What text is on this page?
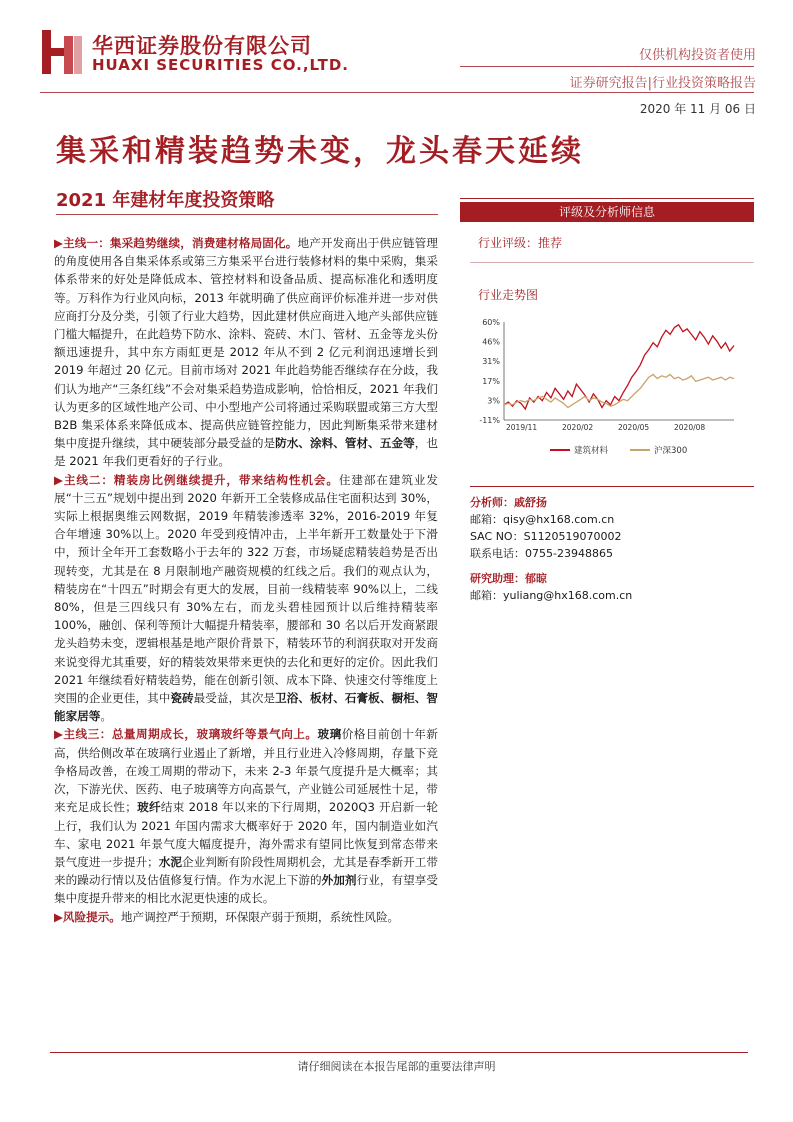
华西证券股份有限公司
HUAXI SECURITIES CO.,LTD.
仅供机构投资者使用
证券研究报告|行业投资策略报告
2020 年 11 月 06 日
集采和精装趋势未变，龙头春天延续
2021 年建材年度投资策略

▶主线一：集采趋势继续，消费建材格局固化。地产开发商出于供应链管理的角度使用各自集采体系或第三方集采平台进行装修材料的集中采购，集采体系带来的好处是降低成本、管控材料和设备品质、提高标准化和透明度等。万科作为行业风向标，2013 年就明确了供应商评价标准并进一步对供应商打分及分类，引领了行业大趋势，因此建材供应商进入地产头部供应链门槛大幅提升，在此趋势下防水、涂料、瓷砖、木门、管材、五金等龙头份额迅速提升，其中东方雨虹更是 2012 年从不到 2 亿元利润迅速增长到 2019 年超过 20 亿元。目前市场对 2021 年此趋势能否继续存在分歧，我们认为地产“三条红线”不会对集采趋势造成影响，恰恰相反，2021 年我们认为更多的区域性地产公司、中小型地产公司将通过采购联盟或第三方大型 B2B 集采体系来降低成本、提高供应链管控能力，因此判断集采带来建材集中度提升继续，其中硬装部分最受益的是防水、涂料、管材、五金等，也是 2021 年我们更看好的子行业。

▶主线二：精装房比例继续提升，带来结构性机会。住建部在建筑业发展“十三五”规划中提出到 2020 年新开工全装修成品住宅面积达到 30%，实际上根据奥维云网数据，2019 年精装渗透率 32%，2016-2019 年复合年增速 30%以上。2020 年受到疫情冲击，上半年新开工数量处于下滑中，预计全年开工套数略小于去年的 322 万套，市场疑虑精装趋势是否出现转变，尤其是在 8 月限制地产融资规模的红线之后。我们的观点认为，精装房在“十四五”时期会有更大的发展，目前一线精装率 90%以上，二线 80%，但是三四线只有 30%左右，而龙头碧桂园预计以后维持精装率 100%，融创、保利等预计大幅提升精装率，腰部和 30 名以后开发商紧跟龙头趋势未变，逻辑根基是地产限价背景下，精装环节的利润获取对开发商来说变得尤其重要，好的精装效果带来更快的去化和更好的定价。因此我们 2021 年继续看好精装趋势，能在创新引领、成本下降、快速交付等维度上突围的企业更佳，其中瓷砖最受益，其次是卫浴、板材、石膏板、橱柜、智能家居等。

▶主线三：总量周期成长，玻璃玻纤等景气向上。玻璃价格目前创十年新高，供给侧改革在玻璃行业遏止了新增，并且行业进入冷修周期，存量下竞争格局改善，在竣工周期的带动下，未来 2-3 年景气度提升是大概率；其次，下游光伏、医药、电子玻璃等方向高景气，产业链公司延展性十足，带来充足成长性；玻纤结束 2018 年以来的下行周期，2020Q3 开启新一轮上行，我们认为 2021 年国内需求大概率好于 2020 年，国内制造业如汽车、家电 2021 年景气度大幅度提升，海外需求有望同比恢复到常态带来景气度进一步提升；水泥企业判断有阶段性周期机会，尤其是春季新开工带来的躁动行情以及估值修复行情。作为水泥上下游的外加剂行业，有望享受集中度提升带来的相比水泥更快速的成长。

▶风险提示。地产调控严于预期，环保限产弱于预期，系统性风险。

评级及分析师信息
行业评级：推荐
行业走势图
60%
46%
31%
17%
3%
-11%
2019/11	2020/02	2020/05	2020/08
建筑材料	沪深300
分析师：戚舒扬
邮箱：qisy@hx168.com.cn
SAC NO：S1120519070002
联系电话：0755-23948865
研究助理：郁晾
邮箱：yuliang@hx168.com.cn
请仔细阅读在本报告尾部的重要法律声明
